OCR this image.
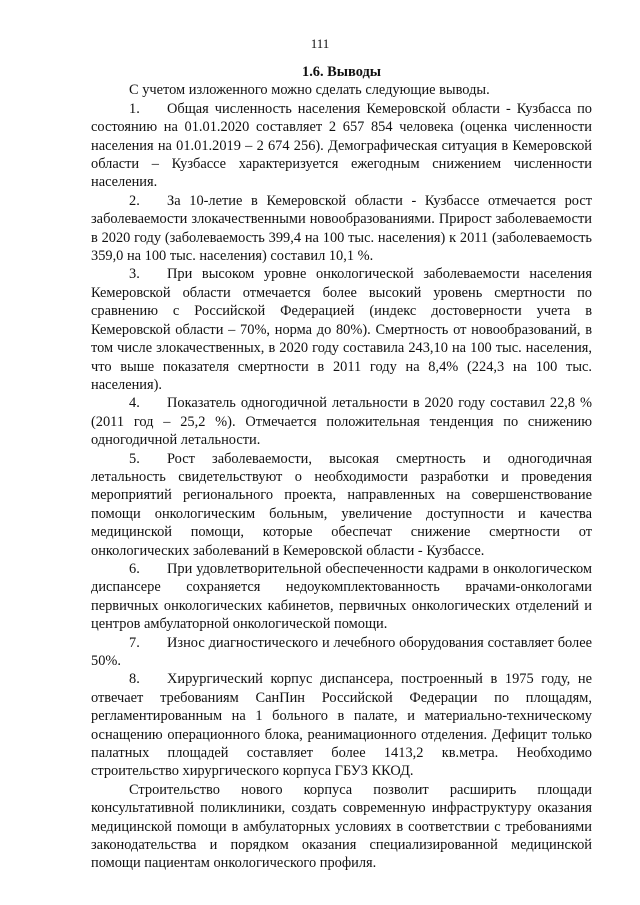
111

1.6. Выводы

С учетом изложенного можно сделать следующие выводы.

1. Общая численность населения Кемеровской области - Кузбасса по состоянию на 01.01.2020 составляет 2 657 854 человека (оценка численности населения на 01.01.2019 – 2 674 256). Демографическая ситуация в Кемеровской области – Кузбассе характеризуется ежегодным снижением численности населения.

2. За 10-летие в Кемеровской области - Кузбассе отмечается рост заболеваемости злокачественными новообразованиями. Прирост заболеваемости в 2020 году (заболеваемость 399,4 на 100 тыс. населения) к 2011 (заболеваемость 359,0 на 100 тыс. населения) составил 10,1 %.

3. При высоком уровне онкологической заболеваемости населения Кемеровской области отмечается более высокий уровень смертности по сравнению с Российской Федерацией (индекс достоверности учета в Кемеровской области – 70%, норма до 80%). Смертность от новообразований, в том числе злокачественных, в 2020 году составила 243,10 на 100 тыс. населения, что выше показателя смертности в 2011 году на 8,4% (224,3 на 100 тыс. населения).

4. Показатель одногодичной летальности в 2020 году составил 22,8 % (2011 год – 25,2 %). Отмечается положительная тенденция по снижению одногодичной летальности.

5. Рост заболеваемости, высокая смертность и одногодичная летальность свидетельствуют о необходимости разработки и проведения мероприятий регионального проекта, направленных на совершенствование помощи онкологическим больным, увеличение доступности и качества медицинской помощи, которые обеспечат снижение смертности от онкологических заболеваний в Кемеровской области - Кузбассе.

6. При удовлетворительной обеспеченности кадрами в онкологическом диспансере сохраняется недоукомплектованность врачами-онкологами первичных онкологических кабинетов, первичных онкологических отделений и центров амбулаторной онкологической помощи.

7. Износ диагностического и лечебного оборудования составляет более 50%.

8. Хирургический корпус диспансера, построенный в 1975 году, не отвечает требованиям СанПин Российской Федерации по площадям, регламентированным на 1 больного в палате, и материально-техническому оснащению операционного блока, реанимационного отделения. Дефицит только палатных площадей составляет более 1413,2 кв.метра. Необходимо строительство хирургического корпуса ГБУЗ ККОД.

Строительство нового корпуса позволит расширить площади консультативной поликлиники, создать современную инфраструктуру оказания медицинской помощи в амбулаторных условиях в соответствии с требованиями законодательства и порядком оказания специализированной медицинской помощи пациентам онкологического профиля.
